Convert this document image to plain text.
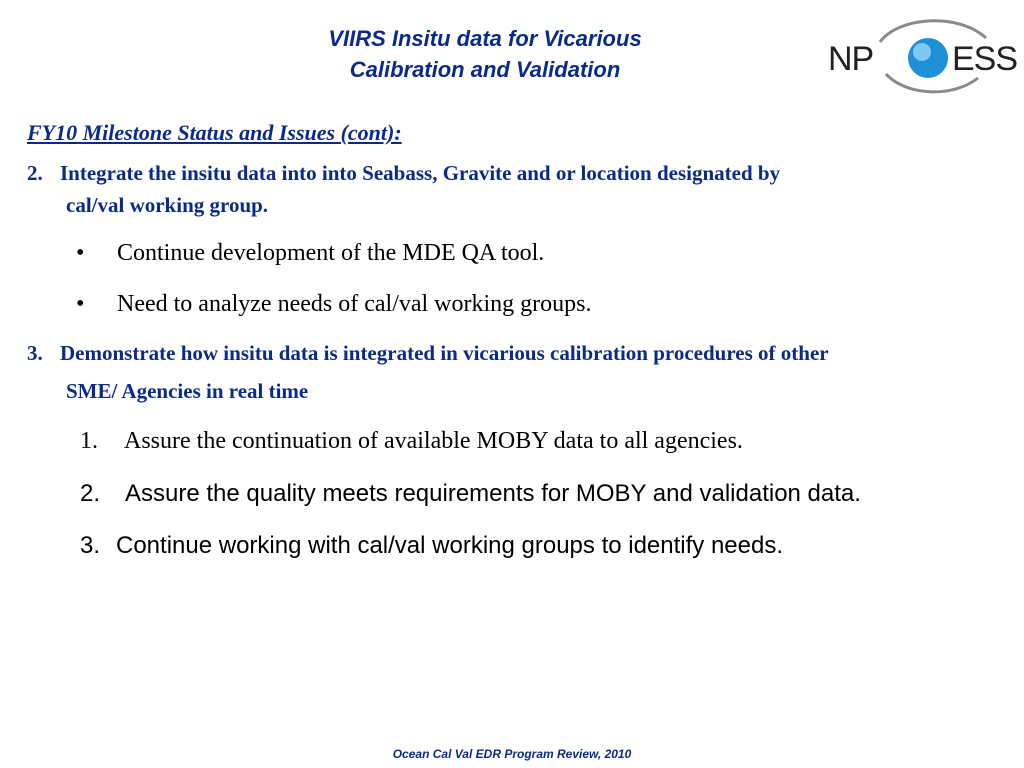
VIIRS Insitu data for Vicarious
Calibration and Validation	NP ESS
FY10 Milestone Status and Issues (cont):
2. Integrate the insitu data into into Seabass, Gravite and or location designated by
cal/val working group.
• Continue development of the MDE QA tool.
• Need to analyze needs of cal/val working groups.
3. Demonstrate how insitu data is integrated in vicarious calibration procedures of other
SME/ Agencies in real time
1. Assure the continuation of available MOBY data to all agencies.
2. Assure the quality meets requirements for MOBY and validation data.
3. Continue working with cal/val working groups to identify needs.
Ocean Cal Val EDR Program Review, 2010
